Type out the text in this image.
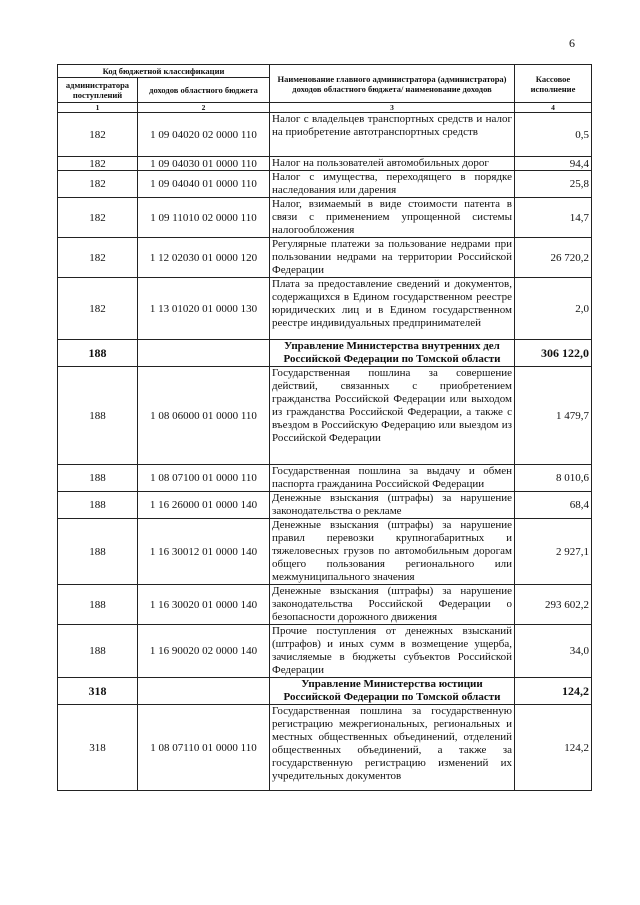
6
Код бюджетной классификации		Наименование главного администратора (администратора) доходов областного бюджета/ наименование доходов	Кассовое исполнение
администратора поступлений	доходов областного бюджета		
1	2	3	4
182	1 09 04020 02 0000 110	Налог с владельцев транспортных средств и налог на приобретение автотранспортных средств	0,5
182	1 09 04030 01 0000 110	Налог на пользователей автомобильных дорог	94,4
182	1 09 04040 01 0000 110	Налог с имущества, переходящего в порядке наследования или дарения	25,8
182	1 09 11010 02 0000 110	Налог, взимаемый в виде стоимости патента в связи с применением упрощенной системы налогообложения	14,7
182	1 12 02030 01 0000 120	Регулярные платежи за пользование недрами при пользовании недрами на территории Российской Федерации	26 720,2
182	1 13 01020 01 0000 130	Плата за предоставление сведений и документов, содержащихся в Едином государственном реестре юридических лиц и в Едином государственном реестре индивидуальных предпринимателей	2,0
188		Управление Министерства внутренних дел Российской Федерации по Томской области	306 122,0
188	1 08 06000 01 0000 110	Государственная пошлина за совершение действий, связанных с приобретением гражданства Российской Федерации или выходом из гражданства Российской Федерации, а также с въездом в Российскую Федерацию или выездом из Российской Федерации	1 479,7
188	1 08 07100 01 0000 110	Государственная пошлина за выдачу и обмен паспорта гражданина Российской Федерации	8 010,6
188	1 16 26000 01 0000 140	Денежные взыскания (штрафы) за нарушение законодательства о рекламе	68,4
188	1 16 30012 01 0000 140	Денежные взыскания (штрафы) за нарушение правил перевозки крупногабаритных и тяжеловесных грузов по автомобильным дорогам общего пользования регионального или межмуниципального значения	2 927,1
188	1 16 30020 01 0000 140	Денежные взыскания (штрафы) за нарушение законодательства Российской Федерации о безопасности дорожного движения	293 602,2
188	1 16 90020 02 0000 140	Прочие поступления от денежных взысканий (штрафов) и иных сумм в возмещение ущерба, зачисляемые в бюджеты субъектов Российской Федерации	34,0
318		Управление Министерства юстиции Российской Федерации по Томской области	124,2
318	1 08 07110 01 0000 110	Государственная пошлина за государственную регистрацию межрегиональных, региональных и местных общественных объединений, отделений общественных объединений, а также за государственную регистрацию изменений их учредительных документов	124,2
